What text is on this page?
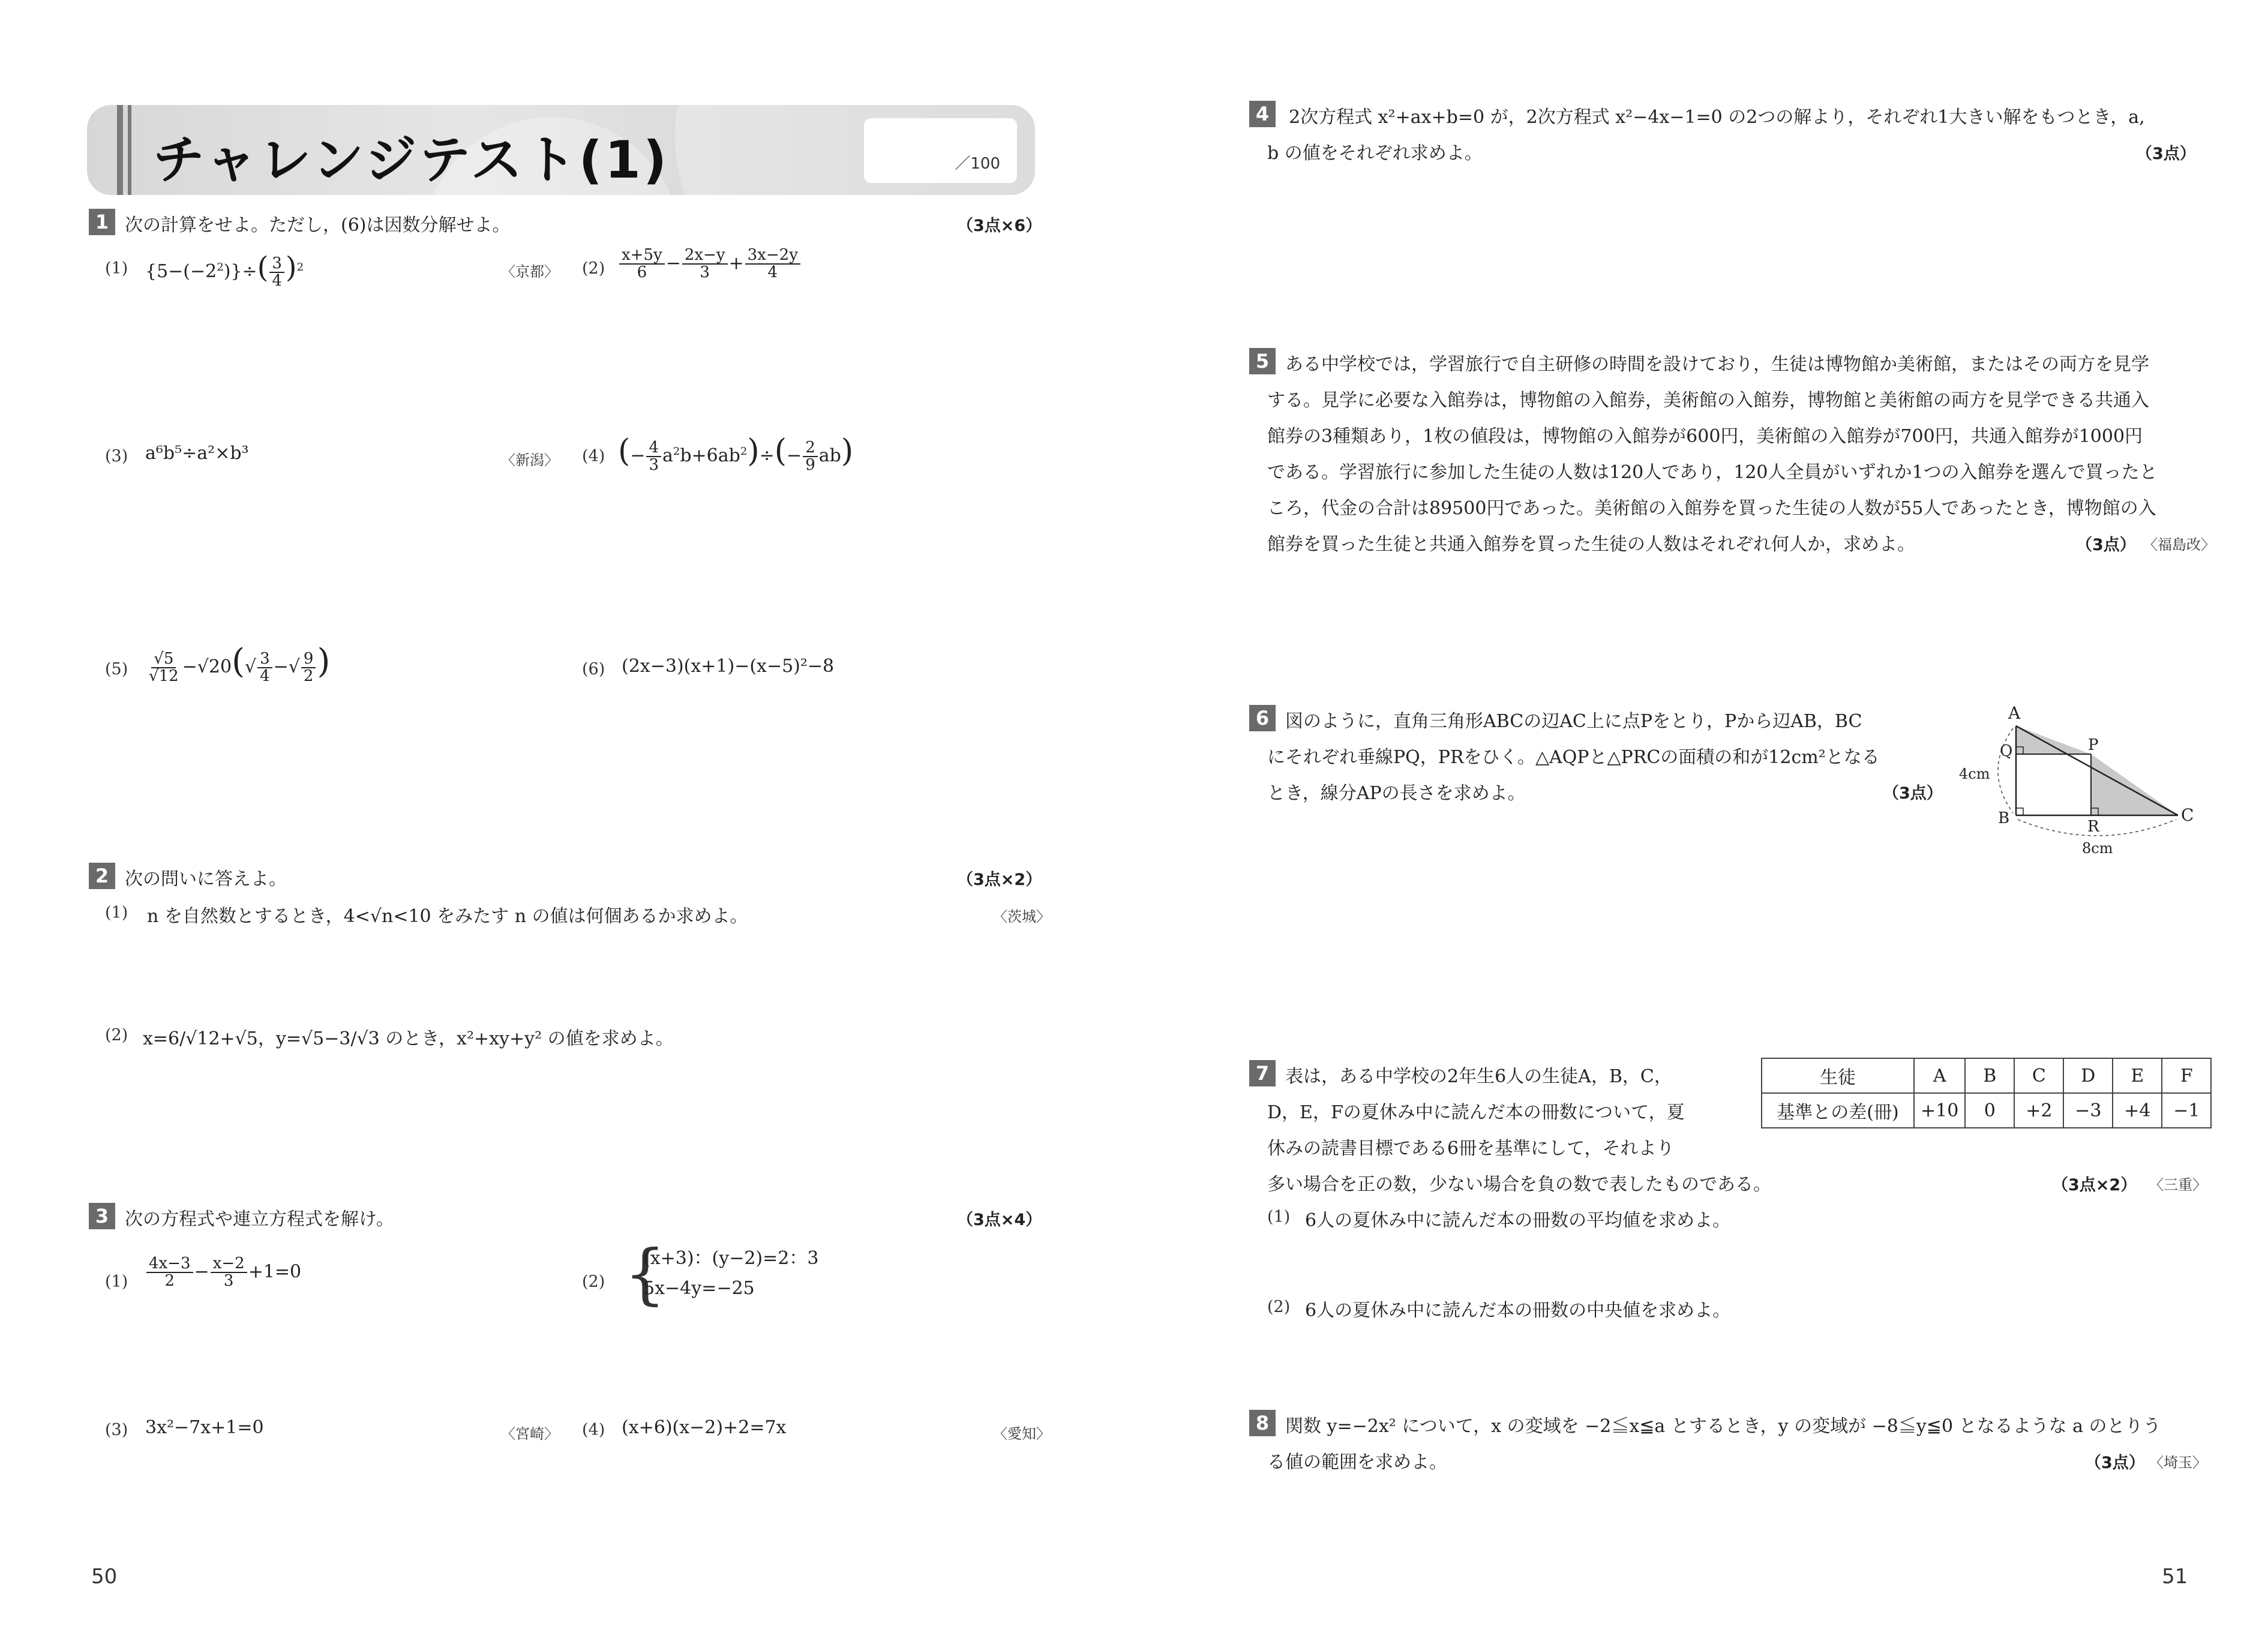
チャレンジテスト(1)	／100
1 次の計算をせよ。ただし，(6)は因数分解せよ。	（3点×6）
(1) $\{5-(-2^2)\}\div( \frac{3}{4} )^2$	〈京都〉 $(2) \frac{x+5y}{6} - \frac{2x-y}{3} + \frac{3x-2y}{4}$
(3) a⁶b⁵÷a²×b³	〈新潟〉 (4) (− $\frac{4}{3} a^2b+6ab^2)\div(- \frac{2}{9} ab)$
$(5) \frac{√5}{√12} -√20(√ \frac{3}{4}$ −√ $\frac{9}{2}$ )	(6) (2x−3)(x+1)−(x−5)²−8
2 次の問いに答えよ。	（3点×2）
(1) n を自然数とするとき，4<√n<10 をみたす n の値は何個あるか求めよ。	〈茨城〉
(2) x=6/√12+√5，y=√5−3/√3 のとき，x²+xy+y² の値を求めよ。
3 次の方程式や連立方程式を解け。	（3点×4）
$(1) \frac{4x-3}{2} - \frac{x-2}{3} +1=0$	(2) {
(x+3)：(y−2)=2：3
5x−4y=−25
(3) 3x²−7x+1=0	〈宮崎〉 (4) (x+6)(x−2)+2=7x	〈愛知〉
50
4	2次方程式 x²+ax+b=0 が，2次方程式 x²−4x−1=0 の2つの解より，それぞれ1大きい解をもつとき，a,
b の値をそれぞれ求めよ。	（3点）
5 ある中学校では，学習旅行で自主研修の時間を設けており，生徒は博物館か美術館，またはその両方を見学
する。見学に必要な入館券は，博物館の入館券，美術館の入館券，博物館と美術館の両方を見学できる共通入
館券の3種類あり，1枚の値段は，博物館の入館券が600円，美術館の入館券が700円，共通入館券が1000円
である。学習旅行に参加した生徒の人数は120人であり，120人全員がいずれか1つの入館券を選んで買ったと
ころ，代金の合計は89500円であった。美術館の入館券を買った生徒の人数が55人であったとき，博物館の入
館券を買った生徒と共通入館券を買った生徒の人数はそれぞれ何人か，求めよ。	（3点） 〈福島改〉
6 図のように，直角三角形ABCの辺AC上に点Pをとり，Pから辺AB，BC
にそれぞれ垂線PQ，PRをひく。△AQPと△PRCの面積の和が12cm²となる
とき，線分APの長さを求めよ。	（3点）
A
Q	P
B	R
C
4cm
8cm
7 表は，ある中学校の2年生6人の生徒A，B，C，
D，E，Fの夏休み中に読んだ本の冊数について，夏
休みの読書目標である6冊を基準にして，それより
多い場合を正の数，少ない場合を負の数で表したものである。	（3点×2） 〈三重〉
生徒	A	B	C	D	E	F
基準との差(冊)	+10	0	+2	−3	+4	−1
(1) 6人の夏休み中に読んだ本の冊数の平均値を求めよ。
(2) 6人の夏休み中に読んだ本の冊数の中央値を求めよ。
8 関数 y=−2x² について，x の変域を −2≦x≦a とするとき，y の変域が −8≦y≦0 となるような a のとりう
る値の範囲を求めよ。	（3点） 〈埼玉〉
51
